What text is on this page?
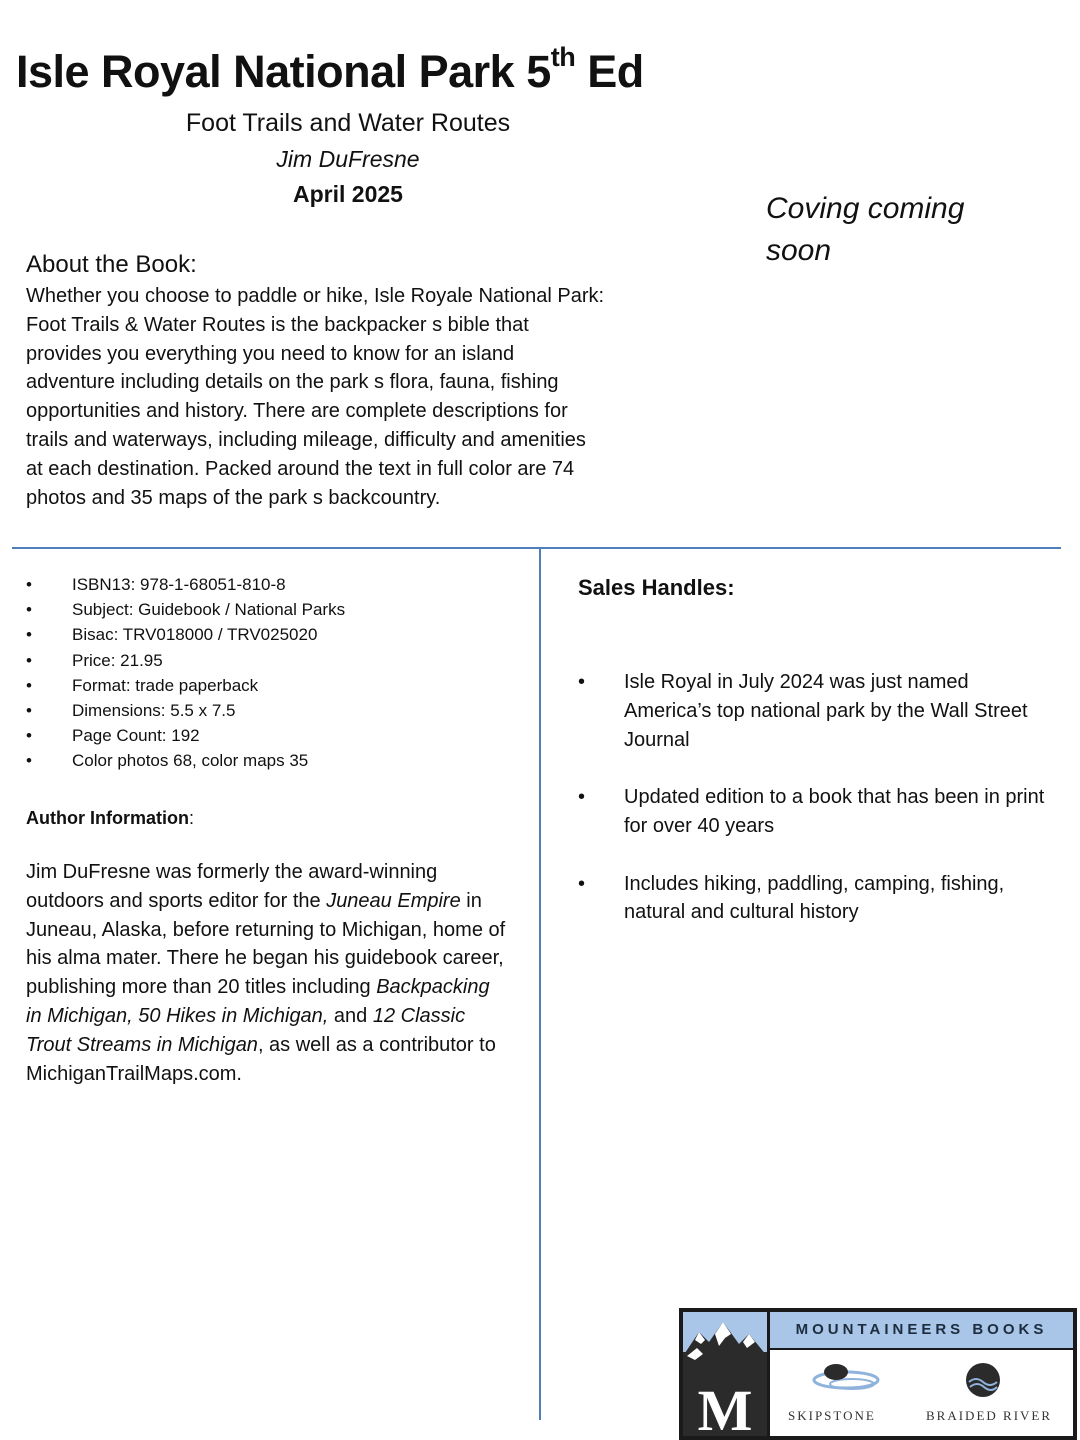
Isle Royal National Park 5th Ed
Foot Trails and Water Routes
Jim DuFresne
April 2025	Coving coming soon
About the Book:
Whether you choose to paddle or hike, Isle Royale National Park: Foot Trails & Water Routes is the backpacker s bible that provides you everything you need to know for an island adventure including details on the park s flora, fauna, fishing opportunities and history. There are complete descriptions for trails and waterways, including mileage, difficulty and amenities at each destination. Packed around the text in full color are 74 photos and 35 maps of the park s backcountry.
• ISBN13: 978-1-68051-810-8
• Subject: Guidebook / National Parks
• Bisac: TRV018000 / TRV025020
• Price: 21.95
• Format: trade paperback
• Dimensions: 5.5 x 7.5
• Page Count: 192
• Color photos 68, color maps 35
Author Information:
Jim DuFresne was formerly the award-winning outdoors and sports editor for the Juneau Empire in Juneau, Alaska, before returning to Michigan, home of his alma mater. There he began his guidebook career, publishing more than 20 titles including Backpacking in Michigan, 50 Hikes in Michigan, and 12 Classic Trout Streams in Michigan, as well as a contributor to MichiganTrailMaps.com.
Sales Handles:
• Isle Royal in July 2024 was just named America’s top national park by the Wall Street Journal
• Updated edition to a book that has been in print for over 40 years
• Includes hiking, paddling, camping, fishing, natural and cultural history
M
MOUNTAINEERS BOOKS
SKIPSTONE	BRAIDED RIVER
